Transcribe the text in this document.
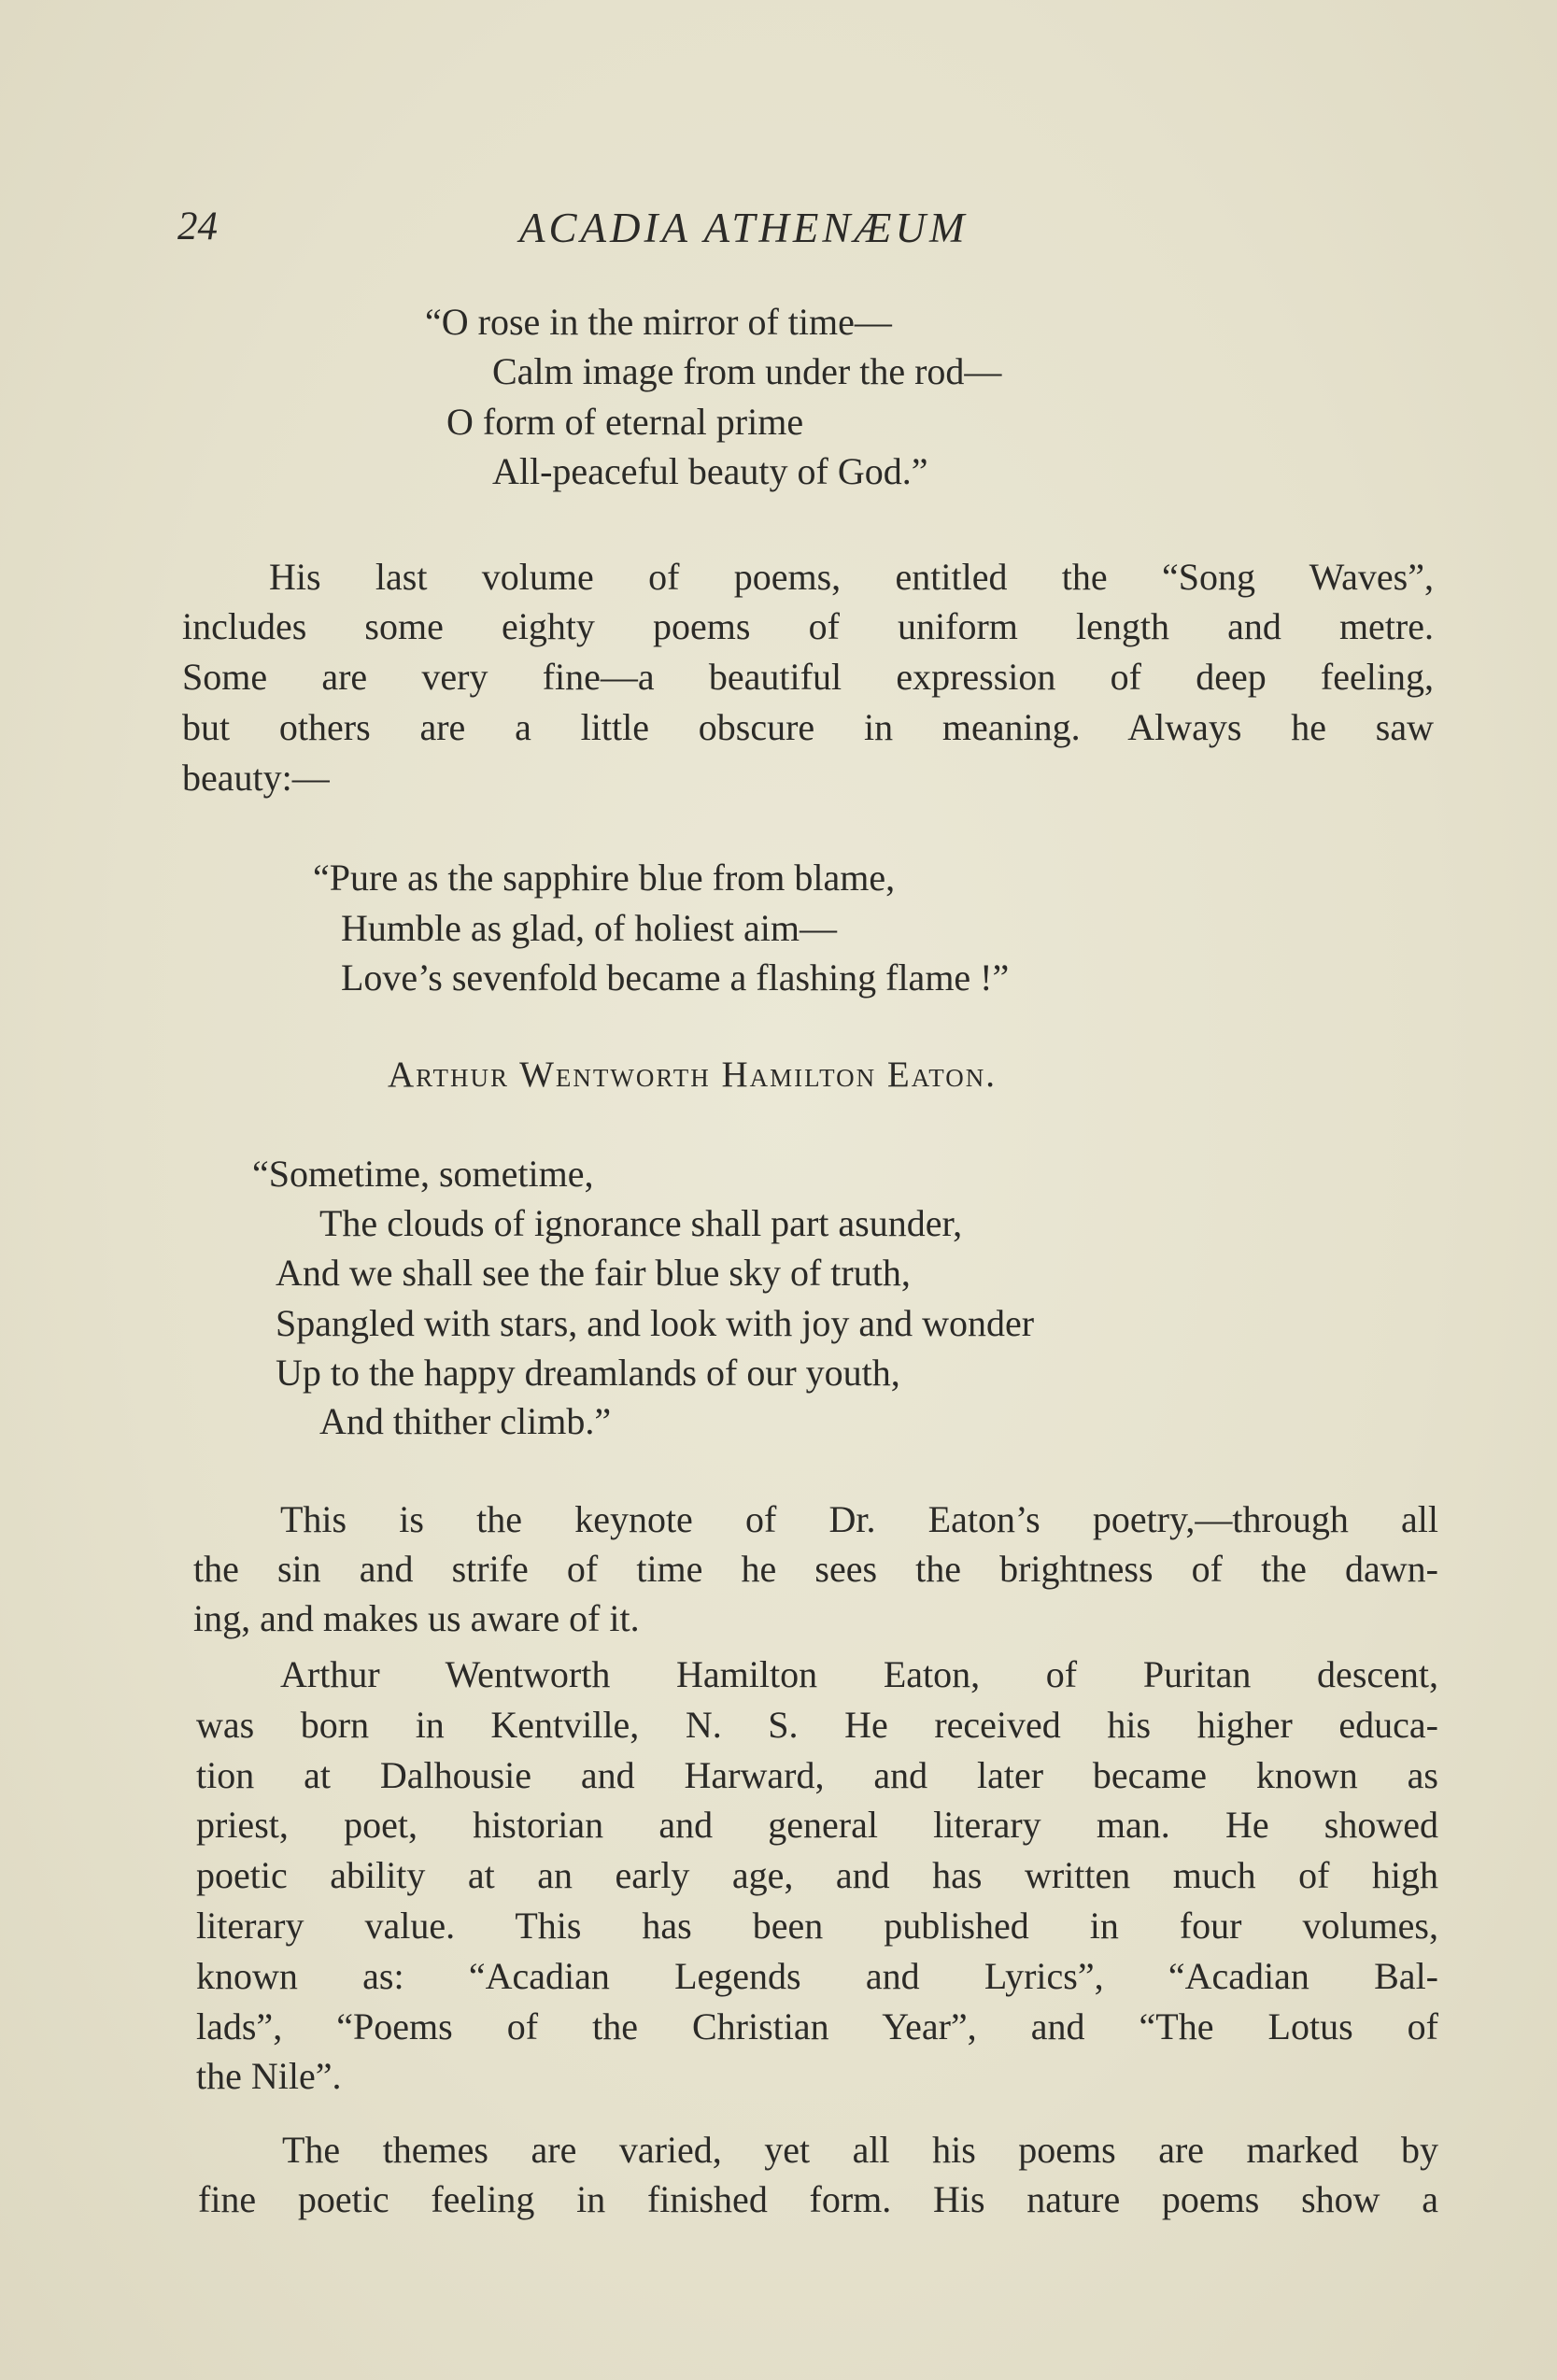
24	ACADIA ATHENÆUM
“O rose in the mirror of time—
Calm image from under the rod—
O form of eternal prime
All-peaceful beauty of God.”
His last volume of poems, entitled the “Song Waves”,
includes some eighty poems of uniform length and metre.
Some are very fine—a beautiful expression of deep feeling,
but others are a little obscure in meaning. Always he saw
beauty:—
“Pure as the sapphire blue from blame,
Humble as glad, of holiest aim—
Love’s sevenfold became a flashing flame !”
Arthur Wentworth Hamilton Eaton.
“Sometime, sometime,
The clouds of ignorance shall part asunder,
And we shall see the fair blue sky of truth,
Spangled with stars, and look with joy and wonder
Up to the happy dreamlands of our youth,
And thither climb.”
This is the keynote of Dr. Eaton’s poetry,—through all
the sin and strife of time he sees the brightness of the dawn-
ing, and makes us aware of it.
Arthur Wentworth Hamilton Eaton, of Puritan descent,
was born in Kentville, N. S. He received his higher educa-
tion at Dalhousie and Harward, and later became known as
priest, poet, historian and general literary man. He showed
poetic ability at an early age, and has written much of high
literary value. This has been published in four volumes,
known as: “Acadian Legends and Lyrics”, “Acadian Bal-
lads”, “Poems of the Christian Year”, and “The Lotus of
the Nile”.
The themes are varied, yet all his poems are marked by
fine poetic feeling in finished form. His nature poems show a
